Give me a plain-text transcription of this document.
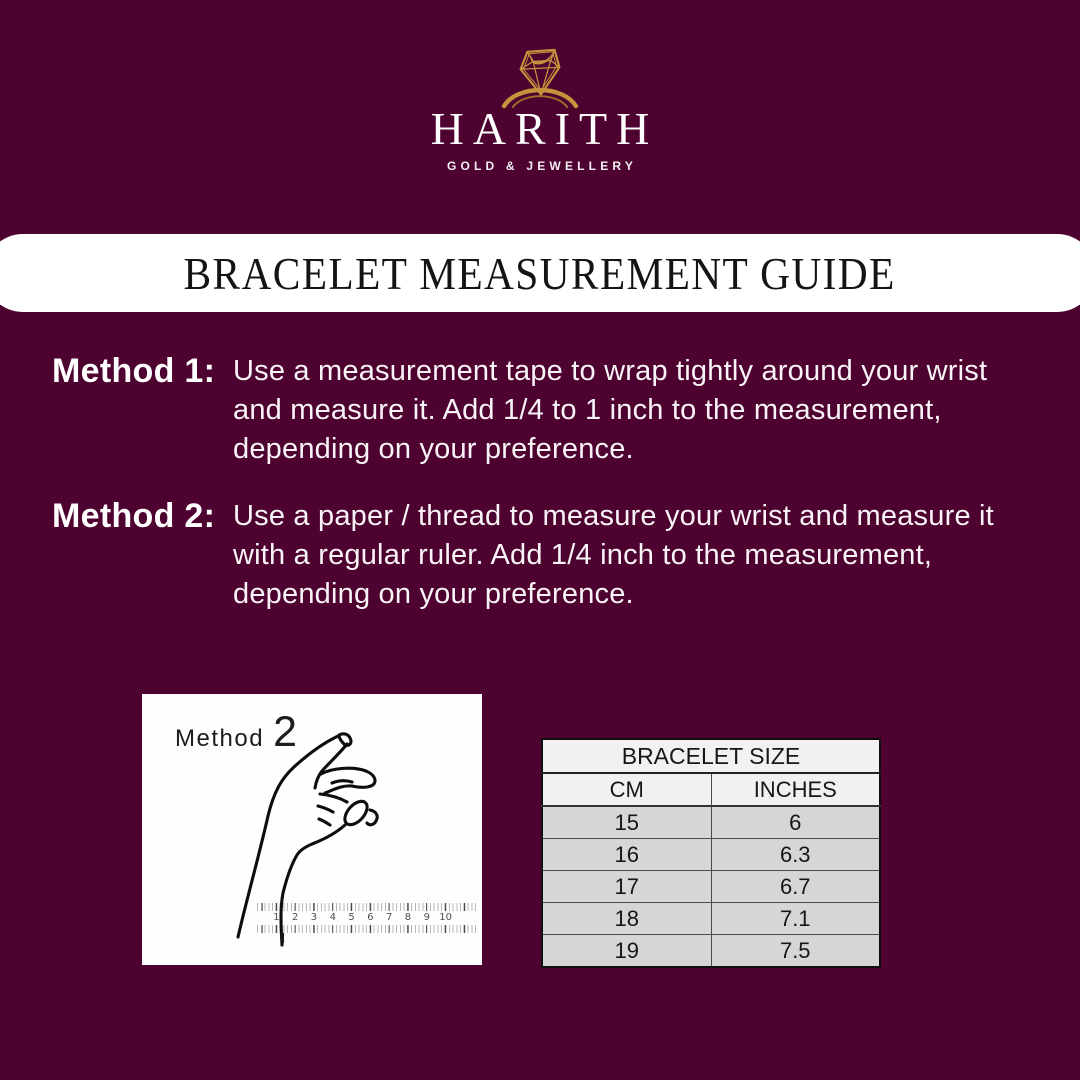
HARITH
GOLD & JEWELLERY
BRACELET MEASUREMENT GUIDE
Method 1: Use a measurement tape to wrap tightly around your wrist
and measure it. Add 1/4 to 1 inch to the measurement,
depending on your preference.
Method 2: Use a paper / thread to measure your wrist and measure it
with a regular ruler. Add 1/4 inch to the measurement,
depending on your preference.
Method 2
1	2	3	4	5	6	7	8	9 10
BRACELET SIZE	
CM	INCHES
15	6
16	6.3
17	6.7
18	7.1
19	7.5
